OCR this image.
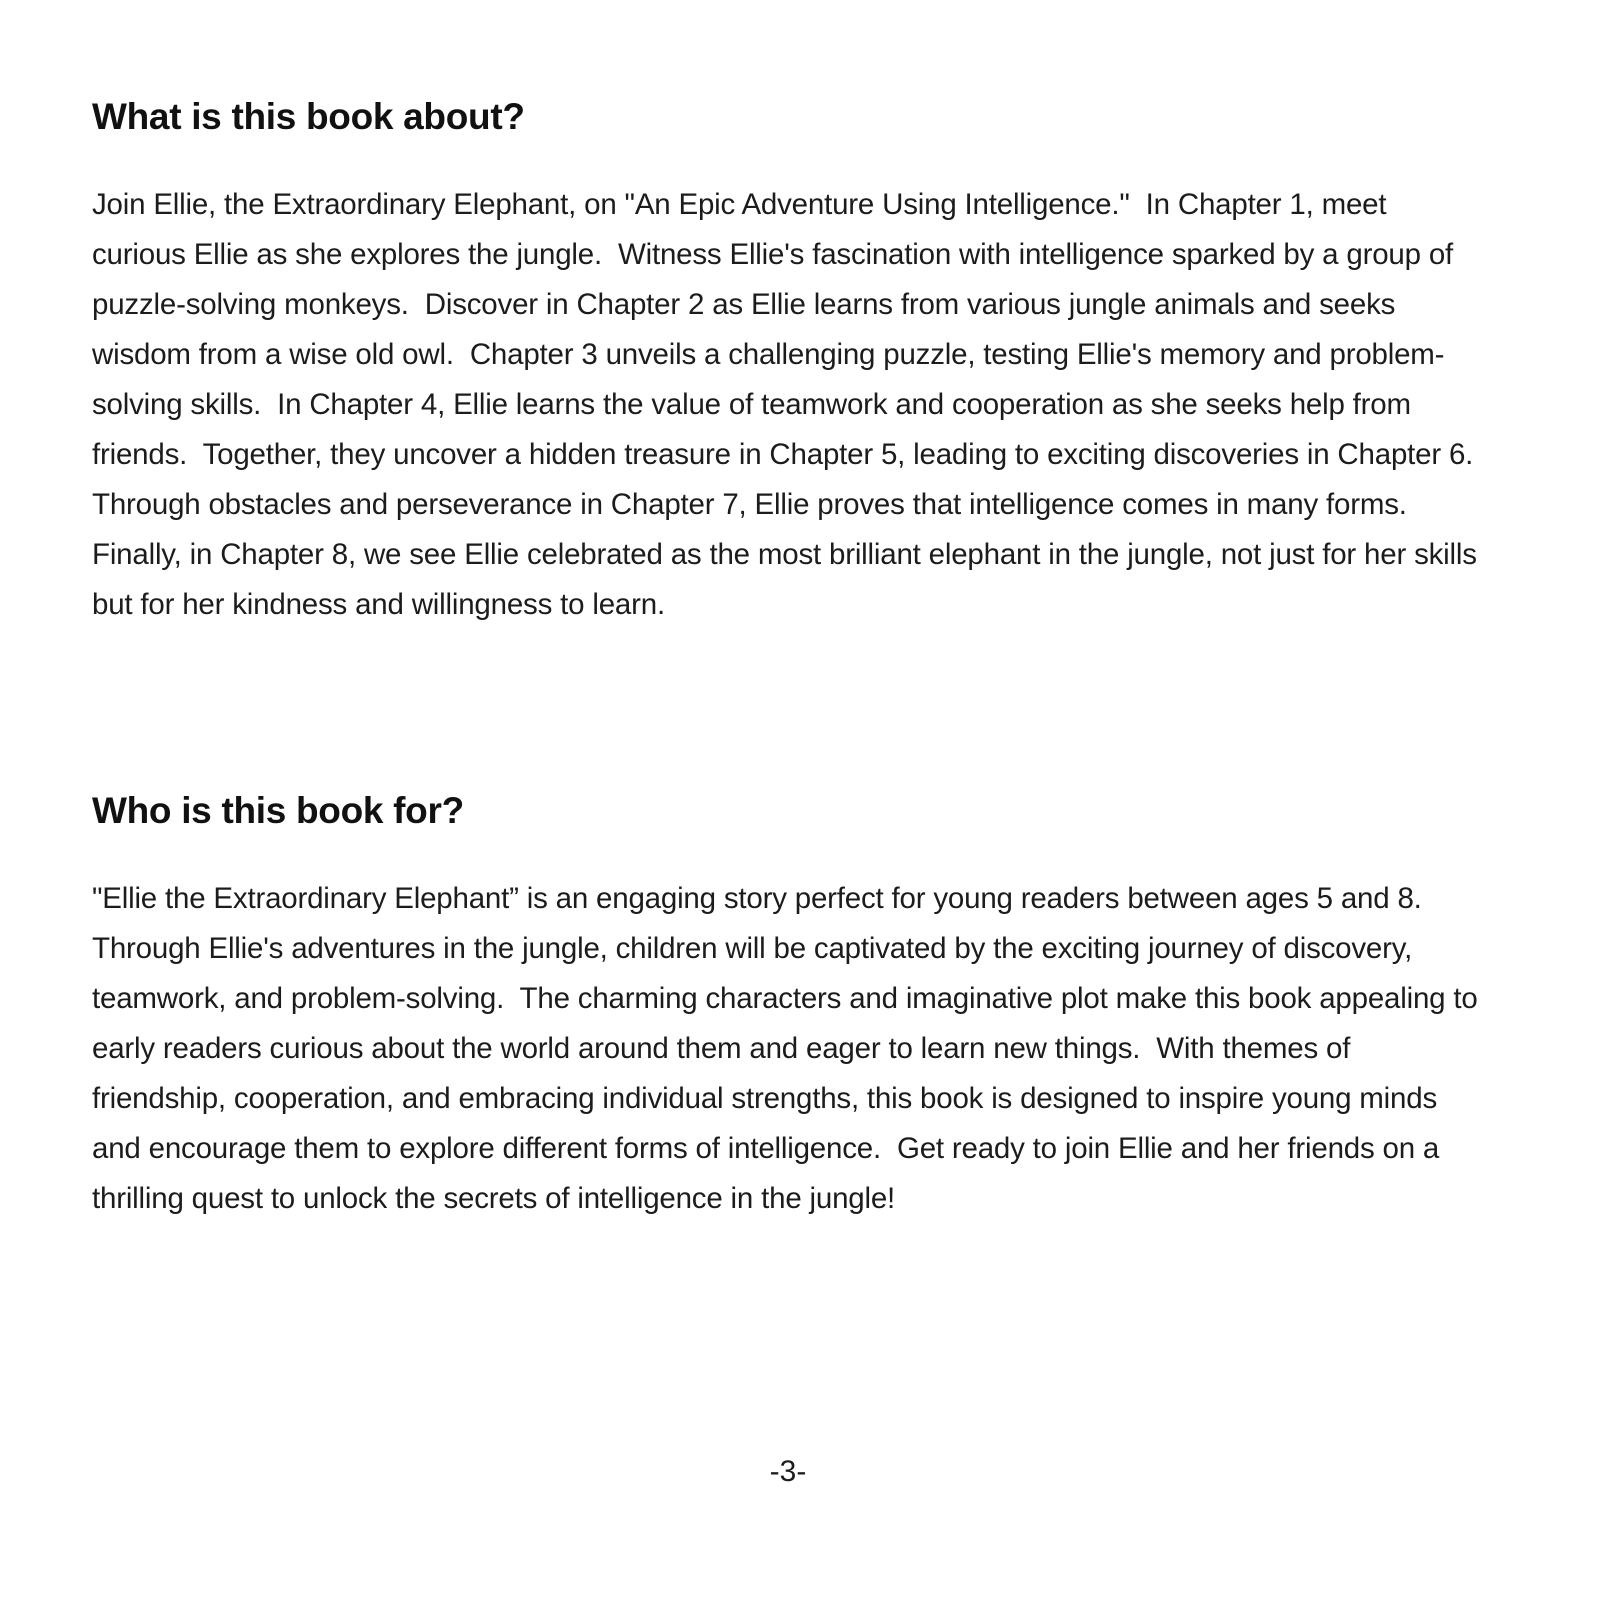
What is this book about?

Join Ellie, the Extraordinary Elephant, on "An Epic Adventure Using Intelligence."  In Chapter 1, meet curious Ellie as she explores the jungle.  Witness Ellie's fascination with intelligence sparked by a group of puzzle-solving monkeys.  Discover in Chapter 2 as Ellie learns from various jungle animals and seeks wisdom from a wise old owl.  Chapter 3 unveils a challenging puzzle, testing Ellie's memory and problem-solving skills.  In Chapter 4, Ellie learns the value of teamwork and cooperation as she seeks help from friends.  Together, they uncover a hidden treasure in Chapter 5, leading to exciting discoveries in Chapter 6.  Through obstacles and perseverance in Chapter 7, Ellie proves that intelligence comes in many forms.  Finally, in Chapter 8, we see Ellie celebrated as the most brilliant elephant in the jungle, not just for her skills but for her kindness and willingness to learn.

Who is this book for?

"Ellie the Extraordinary Elephant” is an engaging story perfect for young readers between ages 5 and 8.  Through Ellie's adventures in the jungle, children will be captivated by the exciting journey of discovery, teamwork, and problem-solving.  The charming characters and imaginative plot make this book appealing to early readers curious about the world around them and eager to learn new things.  With themes of friendship, cooperation, and embracing individual strengths, this book is designed to inspire young minds and encourage them to explore different forms of intelligence.  Get ready to join Ellie and her friends on a thrilling quest to unlock the secrets of intelligence in the jungle!

-3-
